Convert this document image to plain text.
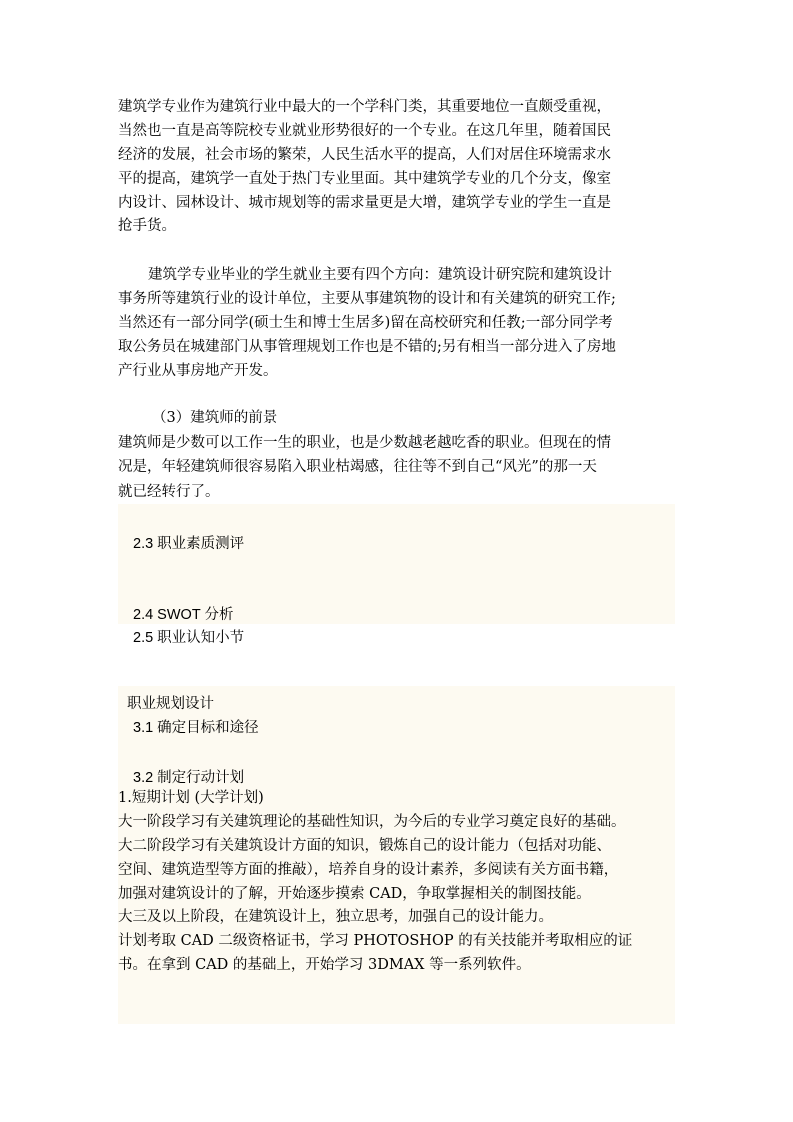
建筑学专业作为建筑行业中最大的一个学科门类，其重要地位一直颇受重视，
当然也一直是高等院校专业就业形势很好的一个专业。在这几年里，随着国民
经济的发展，社会市场的繁荣，人民生活水平的提高，人们对居住环境需求水
平的提高，建筑学一直处于热门专业里面。其中建筑学专业的几个分支，像室
内设计、园林设计、城市规划等的需求量更是大增，建筑学专业的学生一直是
抢手货。
建筑学专业毕业的学生就业主要有四个方向：建筑设计研究院和建筑设计
事务所等建筑行业的设计单位，主要从事建筑物的设计和有关建筑的研究工作;
当然还有一部分同学(硕士生和博士生居多)留在高校研究和任教;一部分同学考
取公务员在城建部门从事管理规划工作也是不错的;另有相当一部分进入了房地
产行业从事房地产开发。
（3）建筑师的前景
建筑师是少数可以工作一生的职业，也是少数越老越吃香的职业。但现在的情
况是，年轻建筑师很容易陷入职业枯竭感，往往等不到自己“风光”的那一天
就已经转行了。
2.3 职业素质测评
2.4 SWOT 分析
2.5 职业认知小节
职业规划设计
3.1 确定目标和途径
3.2 制定行动计划
1.短期计划 (大学计划)
大一阶段学习有关建筑理论的基础性知识，为今后的专业学习奠定良好的基础。
大二阶段学习有关建筑设计方面的知识，锻炼自己的设计能力（包括对功能、
空间、建筑造型等方面的推敲），培养自身的设计素养，多阅读有关方面书籍，
加强对建筑设计的了解，开始逐步摸索 CAD，争取掌握相关的制图技能。
大三及以上阶段，在建筑设计上，独立思考，加强自己的设计能力。
计划考取 CAD 二级资格证书，学习 PHOTOSHOP 的有关技能并考取相应的证
书。在拿到 CAD 的基础上，开始学习 3DMAX 等一系列软件。
